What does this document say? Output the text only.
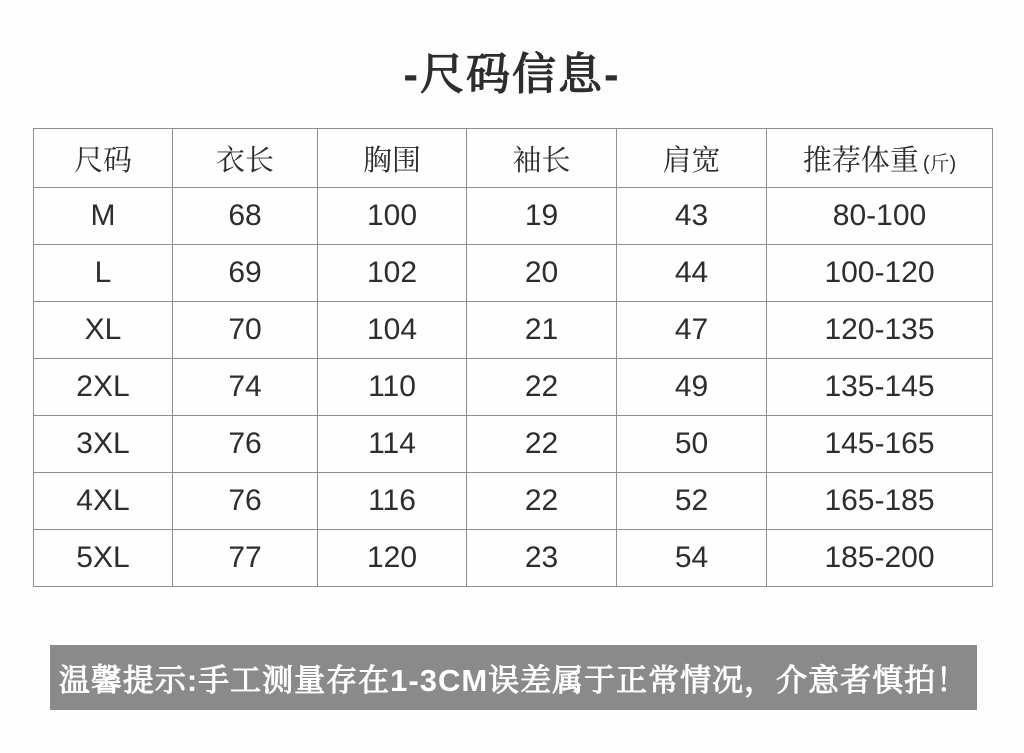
-尺码信息-
尺码	衣长	胸围	袖长	肩宽	推荐体重 (斤)
M	68	100	19	43	80-100
L	69	102	20	44	100-120
XL	70	104	21	47	120-135
2XL	74	110	22	49	135-145
3XL	76	114	22	50	145-165
4XL	76	116	22	52	165-185
5XL	77	120	23	54	185-200
温馨提示:手工测量存在1-3CM误差属于正常情况，介意者慎拍！
